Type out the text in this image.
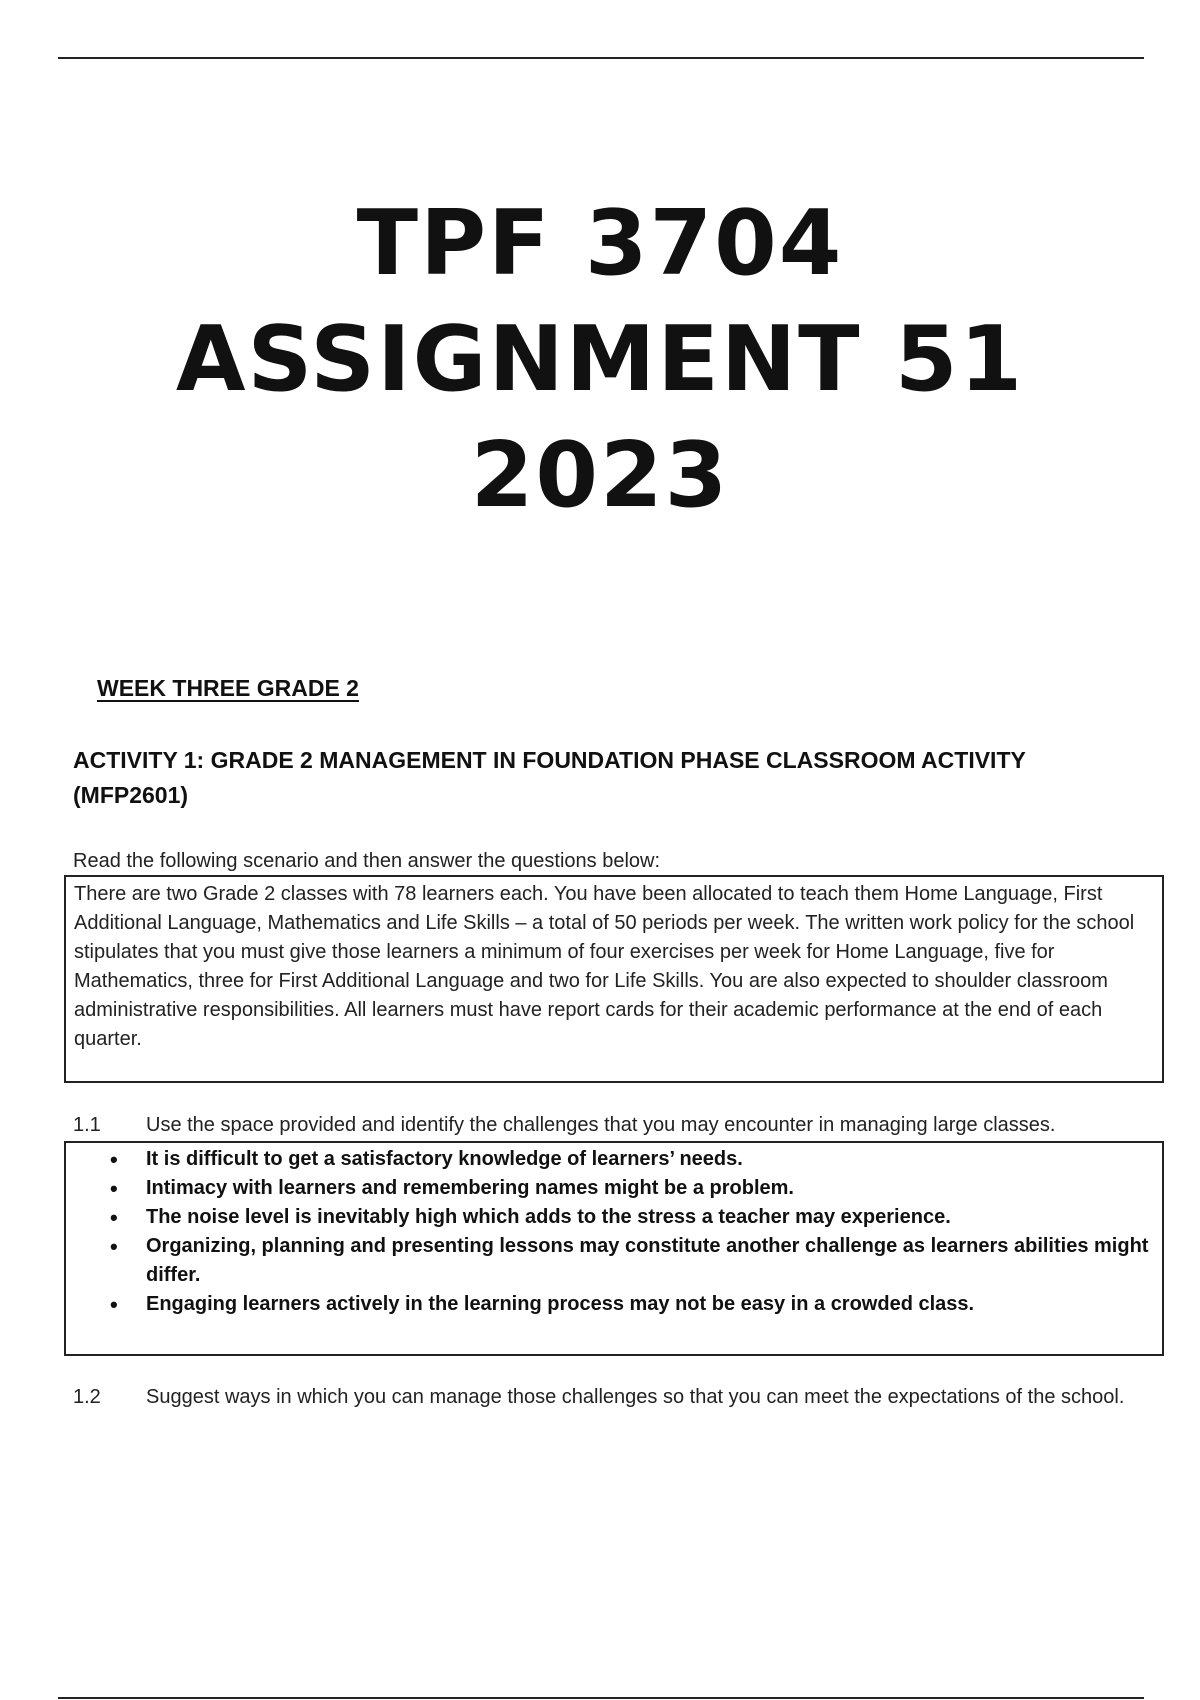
TPF 3704
ASSIGNMENT 51
2023
WEEK THREE GRADE 2
ACTIVITY 1: GRADE 2 MANAGEMENT IN FOUNDATION PHASE CLASSROOM ACTIVITY (MFP2601)
Read the following scenario and then answer the questions below:
There are two Grade 2 classes with 78 learners each. You have been allocated to teach them Home Language, First Additional Language, Mathematics and Life Skills – a total of 50 periods per week. The written work policy for the school stipulates that you must give those learners a minimum of four exercises per week for Home Language, five for Mathematics, three for First Additional Language and two for Life Skills. You are also expected to shoulder classroom administrative responsibilities. All learners must have report cards for their academic performance at the end of each quarter.
1.1	Use the space provided and identify the challenges that you may encounter in managing large classes.
• It is difficult to get a satisfactory knowledge of learners’ needs.
• Intimacy with learners and remembering names might be a problem.
• The noise level is inevitably high which adds to the stress a teacher may experience.
• Organizing, planning and presenting lessons may constitute another challenge as learners abilities might differ.
• Engaging learners actively in the learning process may not be easy in a crowded class.
1.2	Suggest ways in which you can manage those challenges so that you can meet the expectations of the school.
